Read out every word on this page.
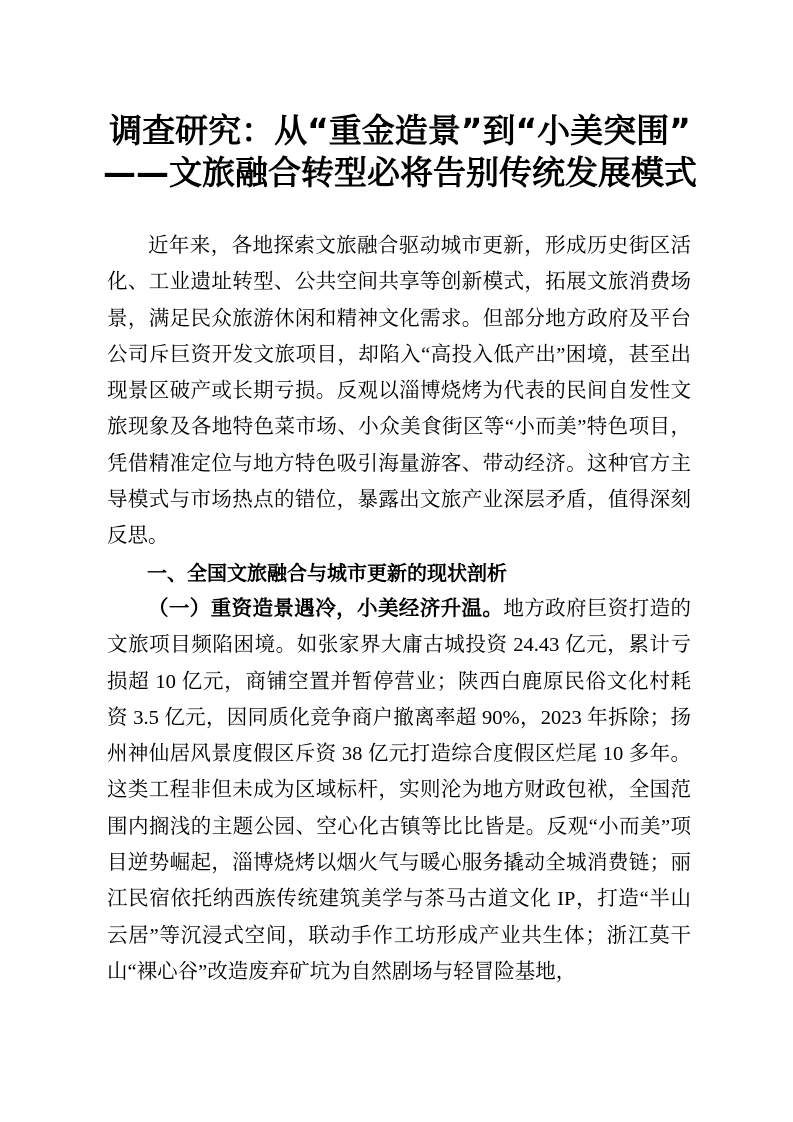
调查研究：从“重金造景”到“小美突围”
——文旅融合转型必将告别传统发展模式

近年来，各地探索文旅融合驱动城市更新，形成历史街区活化、工业遗址转型、公共空间共享等创新模式，拓展文旅消费场景，满足民众旅游休闲和精神文化需求。但部分地方政府及平台公司斥巨资开发文旅项目，却陷入“高投入低产出”困境，甚至出现景区破产或长期亏损。反观以淄博烧烤为代表的民间自发性文旅现象及各地特色菜市场、小众美食街区等“小而美”特色项目，凭借精准定位与地方特色吸引海量游客、带动经济。这种官方主导模式与市场热点的错位，暴露出文旅产业深层矛盾，值得深刻反思。

一、全国文旅融合与城市更新的现状剖析

（一）重资造景遇冷，小美经济升温。地方政府巨资打造的文旅项目频陷困境。如张家界大庸古城投资 24.43 亿元，累计亏损超 10 亿元，商铺空置并暂停营业；陕西白鹿原民俗文化村耗资 3.5 亿元，因同质化竞争商户撤离率超 90%，2023 年拆除；扬州神仙居风景度假区斥资 38 亿元打造综合度假区烂尾 10 多年。这类工程非但未成为区域标杆，实则沦为地方财政包袱，全国范围内搁浅的主题公园、空心化古镇等比比皆是。反观“小而美”项目逆势崛起，淄博烧烤以烟火气与暖心服务撬动全城消费链；丽江民宿依托纳西族传统建筑美学与茶马古道文化 IP，打造“半山云居”等沉浸式空间，联动手作工坊形成产业共生体；浙江莫干山“裸心谷”改造废弃矿坑为自然剧场与轻冒险基地，
